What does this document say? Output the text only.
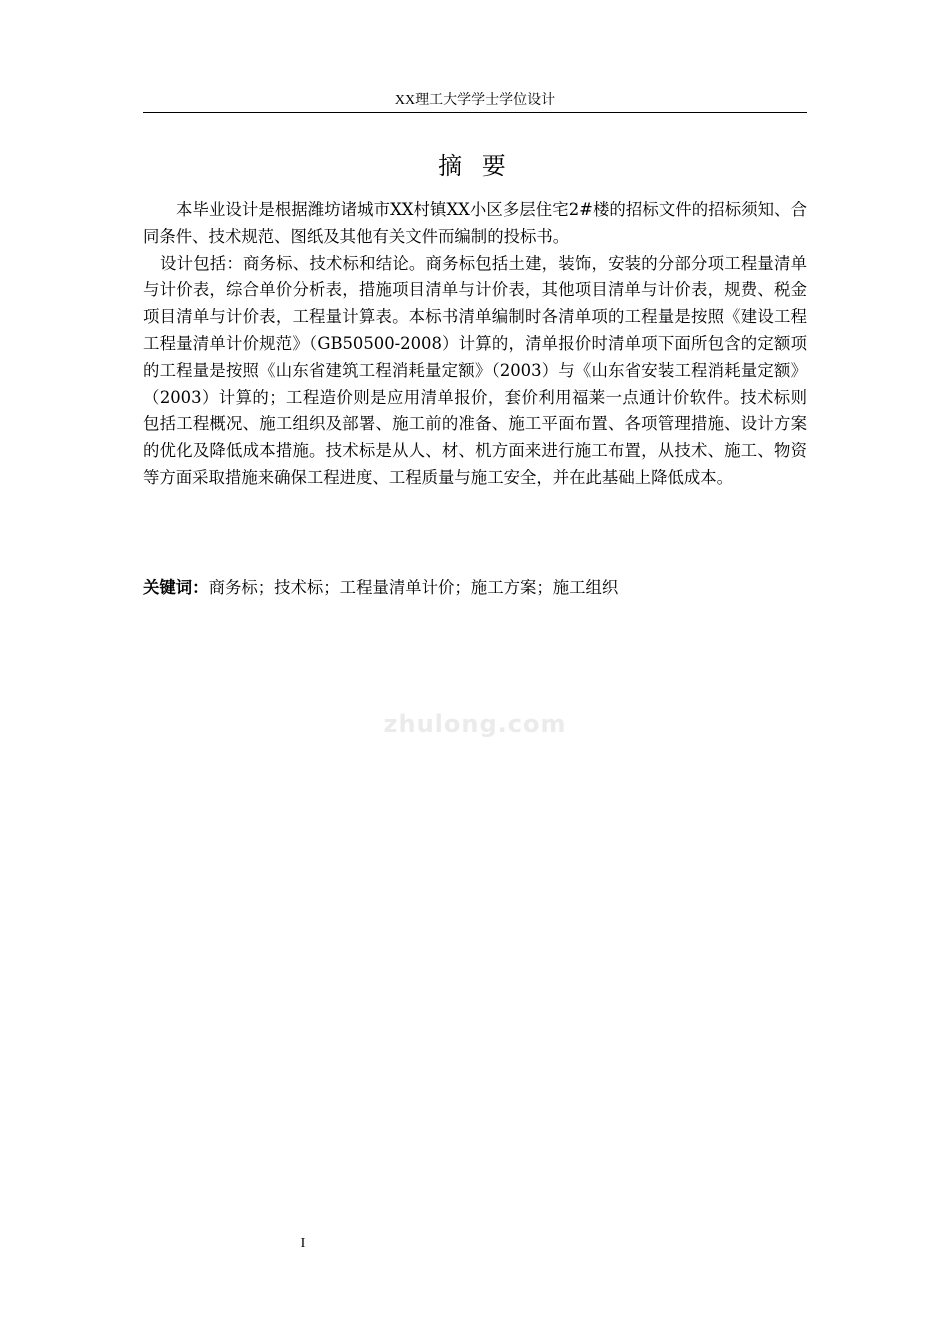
XX理工大学学士学位设计
摘 要

本毕业设计是根据潍坊诸城市XX村镇XX小区多层住宅2#楼的招标文件的招标须知、合同条件、技术规范、图纸及其他有关文件而编制的投标书。

设计包括：商务标、技术标和结论。商务标包括土建，装饰，安装的分部分项工程量清单与计价表，综合单价分析表，措施项目清单与计价表，其他项目清单与计价表，规费、税金项目清单与计价表，工程量计算表。本标书清单编制时各清单项的工程量是按照《建设工程工程量清单计价规范》（GB50500-2008）计算的，清单报价时清单项下面所包含的定额项的工程量是按照《山东省建筑工程消耗量定额》（2003）与《山东省安装工程消耗量定额》（2003）计算的；工程造价则是应用清单报价，套价利用福莱一点通计价软件。技术标则包括工程概况、施工组织及部署、施工前的准备、施工平面布置、各项管理措施、设计方案的优化及降低成本措施。技术标是从人、材、机方面来进行施工布置，从技术、施工、物资等方面采取措施来确保工程进度、工程质量与施工安全，并在此基础上降低成本。

关键词：商务标；技术标；工程量清单计价；施工方案；施工组织
zhulong.com
I
